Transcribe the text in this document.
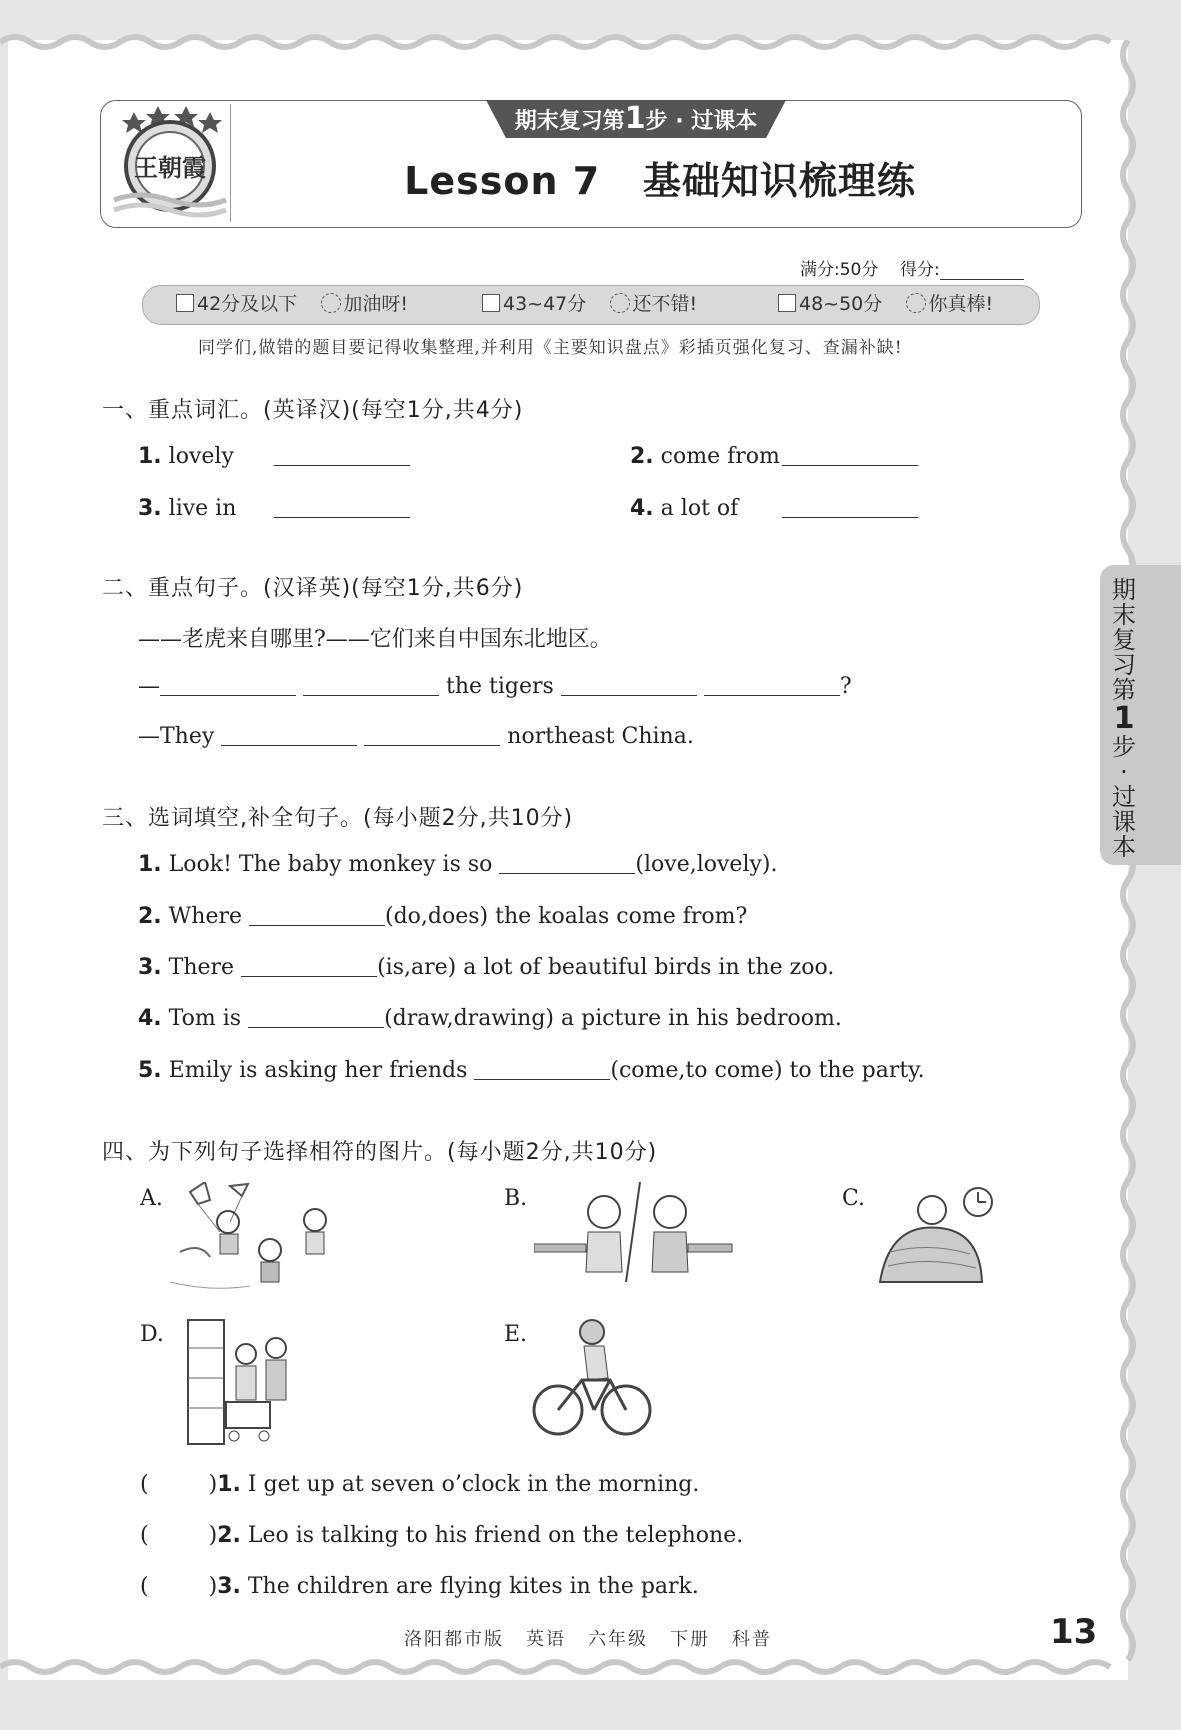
王朝霞
期末复习第1步 · 过课本
Lesson 7 基础知识梳理练
满分:50分 得分:
42分及以下 加油呀!	43~47分 还不错!	48~50分 你真棒!
同学们,做错的题目要记得收集整理,并利用《主要知识盘点》彩插页强化复习、查漏补缺!
一、重点词汇。(英译汉)(每空1分,共4分)
1. lovely	2. come from
3. live in	4. a lot of
二、重点句子。(汉译英)(每空1分,共6分)
——老虎来自哪里?——它们来自中国东北地区。
—	the tigers	?
—They	northeast China.
三、选词填空,补全句子。(每小题2分,共10分)
1. Look! The baby monkey is so	(love,lovely).
2. Where	(do,does) the koalas come from?
3. There	(is,are) a lot of beautiful birds in the zoo.
4. Tom is	(draw,drawing) a picture in his bedroom.
5. Emily is asking her friends	(come,to come) to the party.
四、为下列句子选择相符的图片。(每小题2分,共10分)
A.	B.	C.
D.	E.
(	)1. I get up at seven o’clock in the morning.
(	)2. Leo is talking to his friend on the telephone.
(	)3. The children are flying kites in the park.
洛阳都市版 英语 六年级 下册 科普	13
期
末
复
习
第
1
步
·
过
课
本
